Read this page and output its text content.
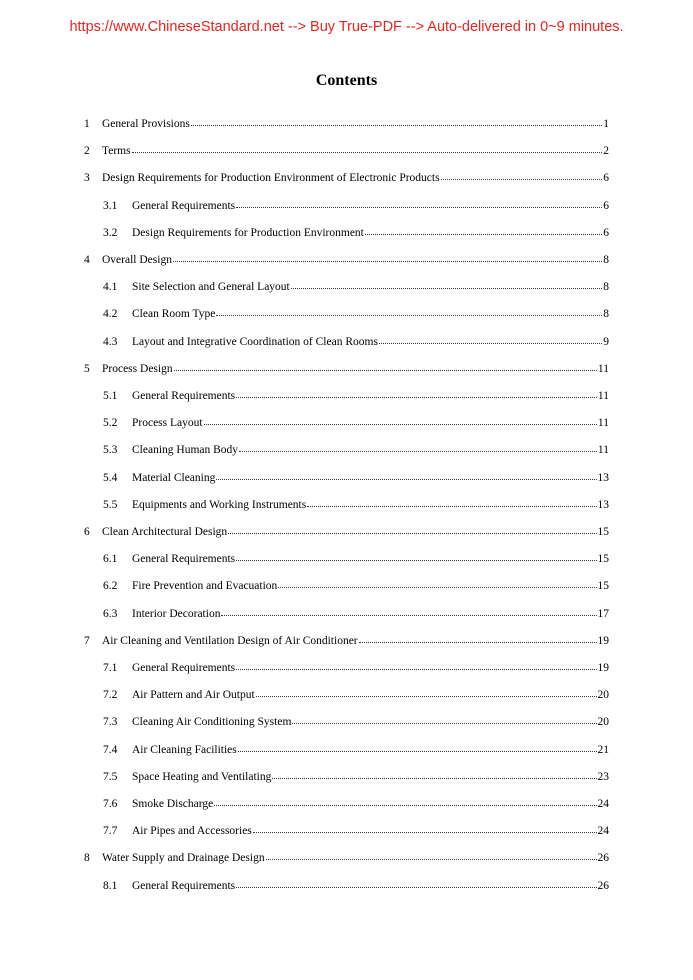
https://www.ChineseStandard.net --> Buy True-PDF --> Auto-delivered in 0~9 minutes.
Contents
1	General Provisions	1
2	Terms	2
3	Design Requirements for Production Environment of Electronic Products	6
3.1	General Requirements	6
3.2	Design Requirements for Production Environment	6
4	Overall Design	8
4.1	Site Selection and General Layout	8
4.2	Clean Room Type	8
4.3	Layout and Integrative Coordination of Clean Rooms	9
5	Process Design	11
5.1	General Requirements	11
5.2	Process Layout	11
5.3	Cleaning Human Body	11
5.4	Material Cleaning	13
5.5	Equipments and Working Instruments	13
6	Clean Architectural Design	15
6.1	General Requirements	15
6.2	Fire Prevention and Evacuation	15
6.3	Interior Decoration	17
7	Air Cleaning and Ventilation Design of Air Conditioner	19
7.1	General Requirements	19
7.2	Air Pattern and Air Output	20
7.3	Cleaning Air Conditioning System	20
7.4	Air Cleaning Facilities	21
7.5	Space Heating and Ventilating	23
7.6	Smoke Discharge	24
7.7	Air Pipes and Accessories	24
8	Water Supply and Drainage Design	26
8.1	General Requirements	26
